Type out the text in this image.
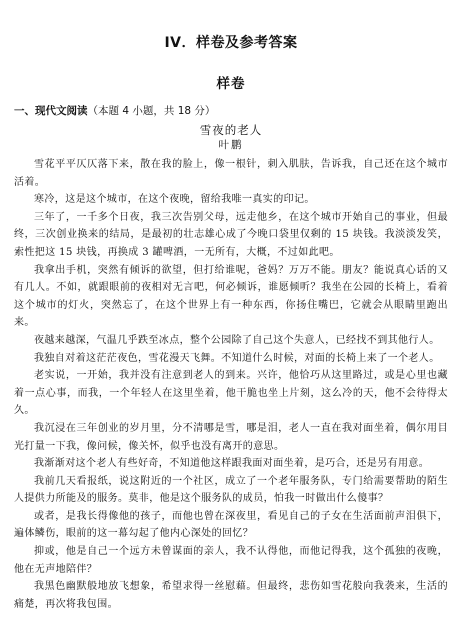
IV．样卷及参考答案
样卷
一、现代文阅读（本题 4 小题，共 18 分）
雪夜的老人
叶鹏

雪花平平仄仄落下来，散在我的脸上，像一根针，刺入肌肤，告诉我，自己还在这个城市活着。

寒冷，这是这个城市，在这个夜晚，留给我唯一真实的印记。

三年了，一千多个日夜，我三次告别父母，远走他乡，在这个城市开始自己的事业，但最终，三次创业换来的结局，是最初的壮志雄心成了今晚口袋里仅剩的 15 块钱。我淡淡发笑，索性把这 15 块钱，再换成 3 罐啤酒，一无所有，大概，不过如此吧。

我拿出手机，突然有倾诉的欲望，但打给谁呢，爸妈？万万不能。朋友？能说真心话的又有几人。不如，就跟眼前的夜相对无言吧，何必倾诉，谁愿倾听？我坐在公园的长椅上，看着这个城市的灯火，突然忘了，在这个世界上有一种东西，你扬住嘴巴，它就会从眼睛里跑出来。

夜越来越深，气温几乎跌至冰点，整个公园除了自己这个失意人，已经找不到其他行人。

我独自对着这茫茫夜色，雪花漫天飞舞。不知道什么时候，对面的长椅上来了一个老人。

老实说，一开始，我并没有注意到老人的到来。兴许，他恰巧从这里路过，或是心里也藏着一点心事，而我，一个年轻人在这里坐着，他干脆也坐上片刻，这么冷的天，他不会待得太久。

我沉浸在三年创业的岁月里，分不清哪是雪，哪是泪，老人一直在我对面坐着，偶尔用目光打量一下我，像问候，像关怀，似乎也没有离开的意思。

我渐渐对这个老人有些好奇，不知道他这样跟我面对面坐着，是巧合，还是另有用意。

我前几天看报纸，说这附近的一个社区，成立了一个老年服务队，专门给需要帮助的陌生人提供力所能及的服务。莫非，他是这个服务队的成员，怕我一时做出什么傻事？

或者，是我长得像他的孩子，而他也曾在深夜里，看见自己的子女在生活面前声泪俱下，遍体鳞伤，眼前的这一幕勾起了他内心深处的回忆？

抑或，他是自己一个远方未曾谋面的亲人，我不认得他，而他记得我，这个孤独的夜晚，他在无声地陪伴？

我黑色幽默般地放飞想象，希望求得一丝慰藉。但最终，悲伤如雪花般向我袭来，生活的痛楚，再次将我包围。
